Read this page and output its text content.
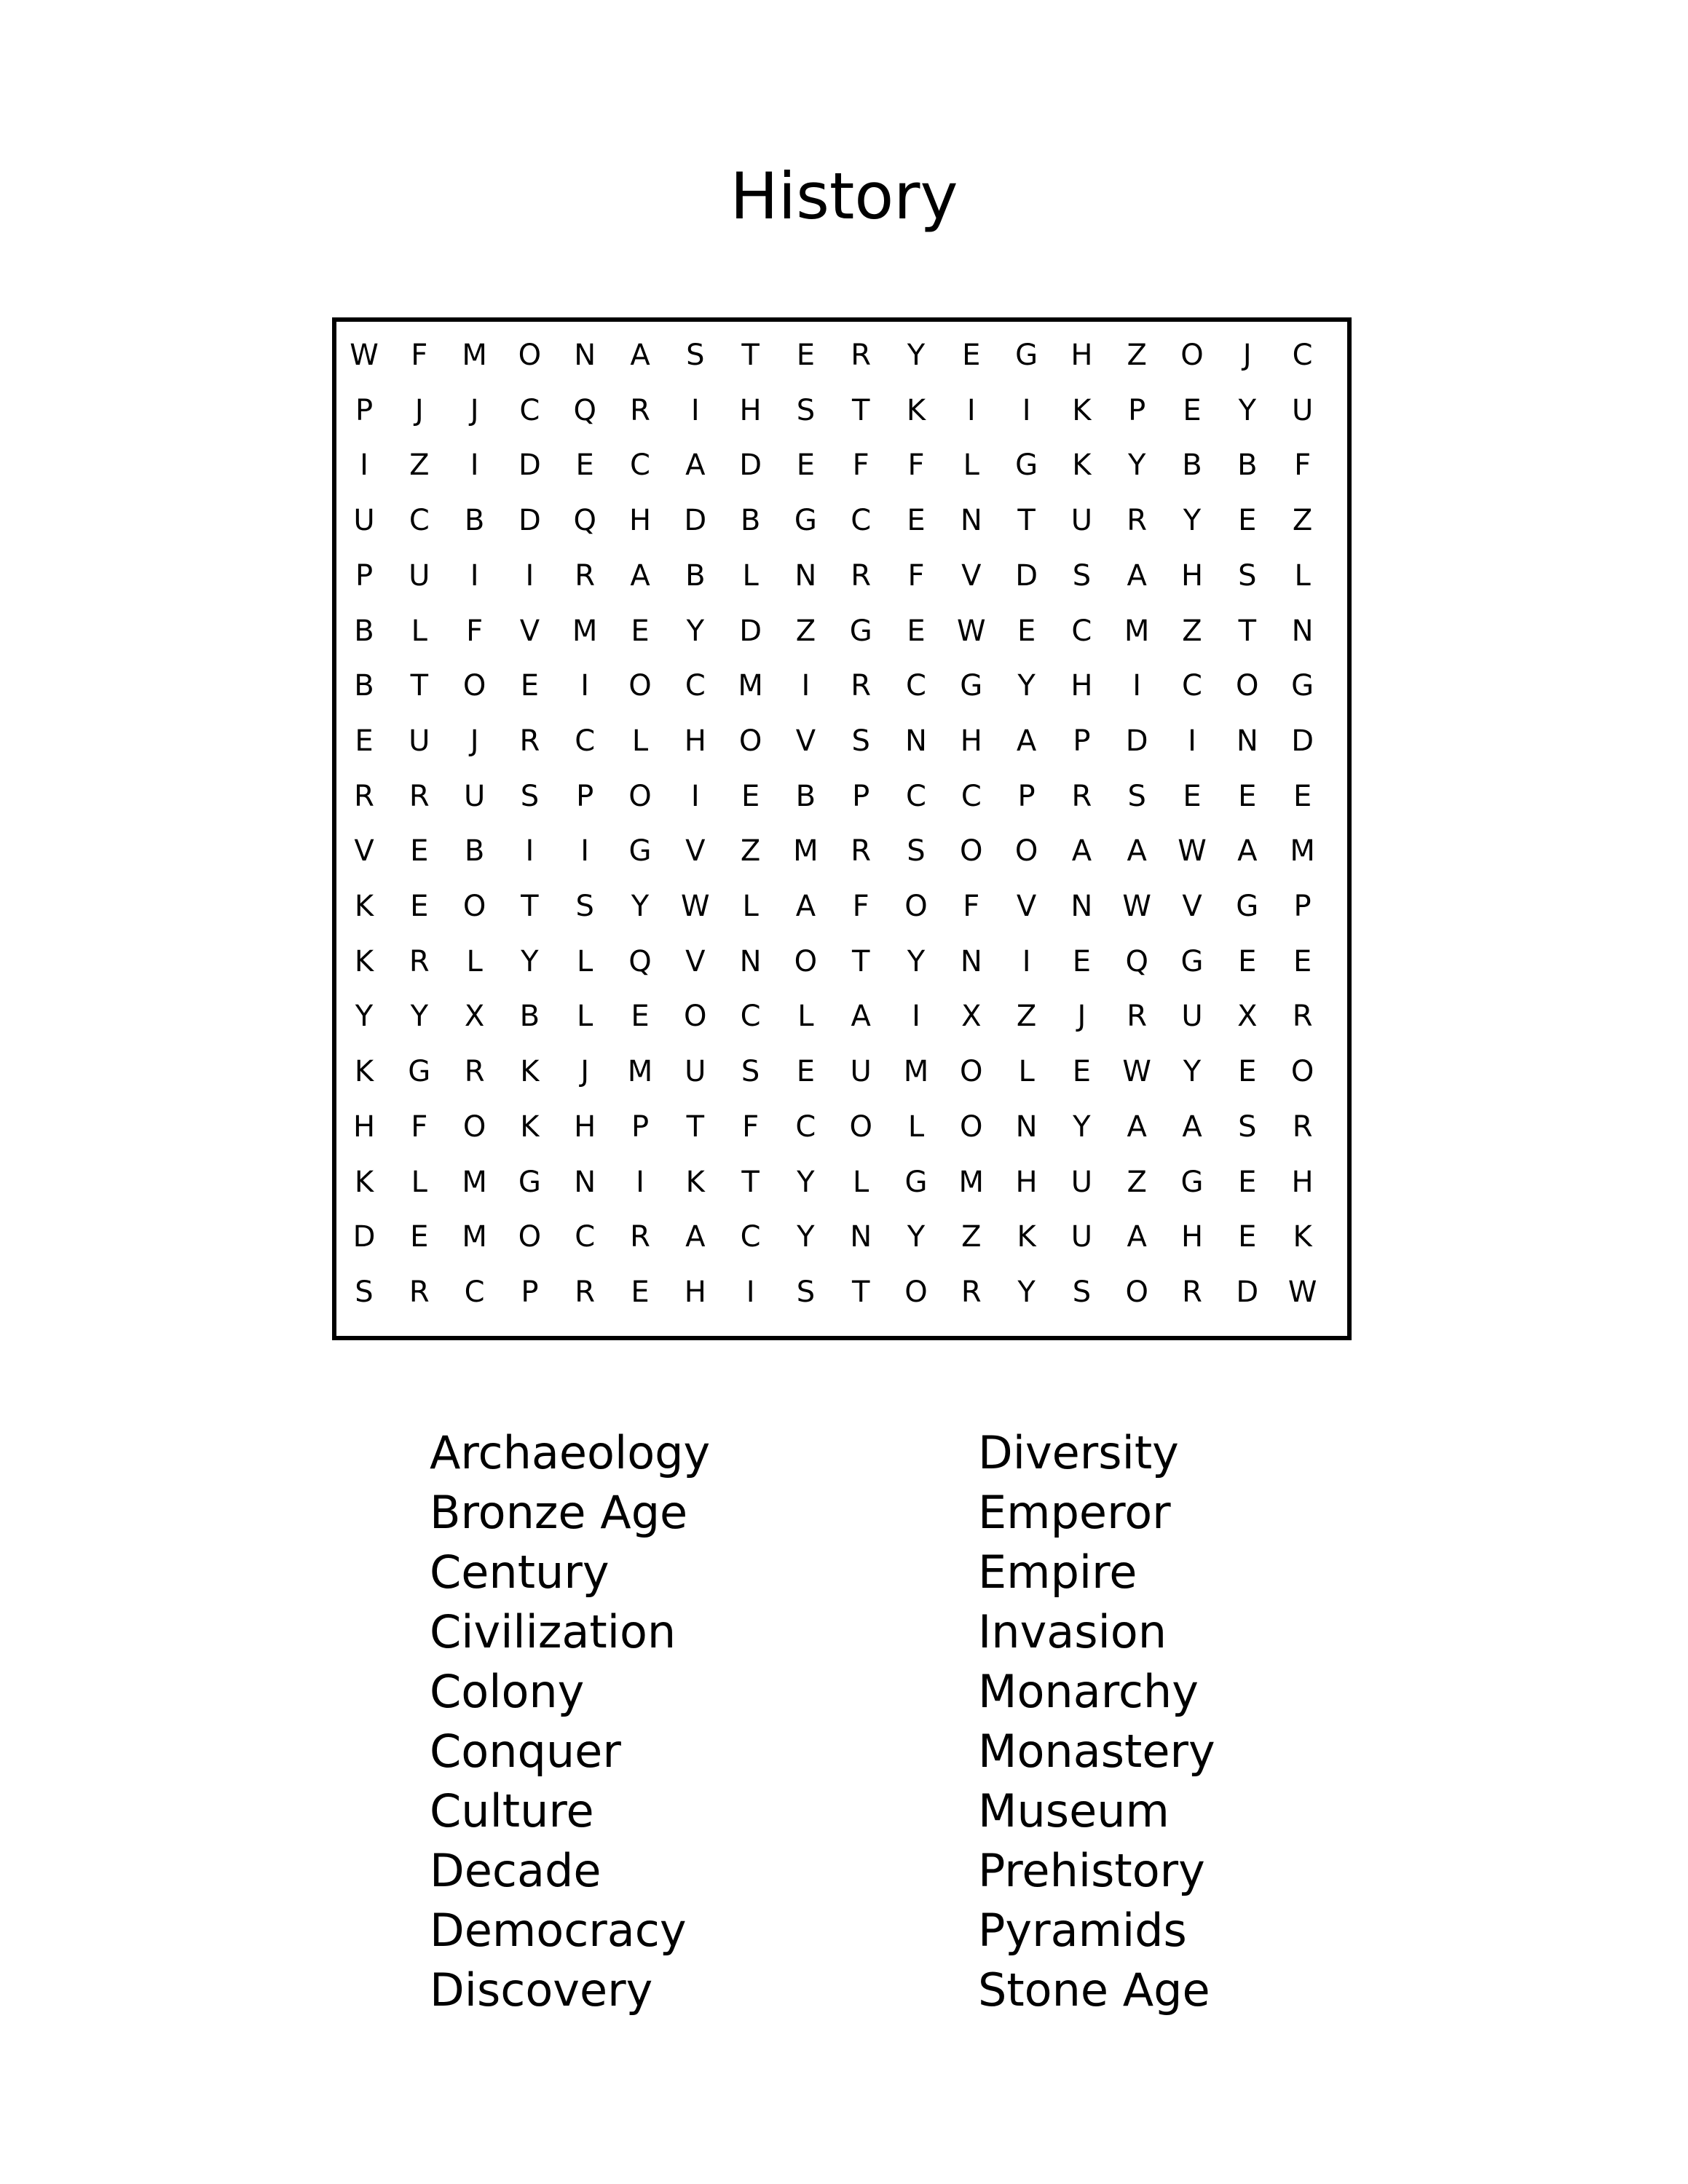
History
W	F	M	O	N	A	S	T	E	R	Y	E	G	H	Z	O	J	C
P	J	J	C	Q	R	I	H	S	T	K	I	I	K	P	E	Y	U
I	Z	I	D	E	C	A	D	E	F	F	L	G	K	Y	B	B	F
U	C	B	D	Q	H	D	B	G	C	E	N	T	U	R	Y	E	Z
P	U	I	I	R	A	B	L	N	R	F	V	D	S	A	H	S	L
B	L	F	V	M	E	Y	D	Z	G	E	W	E	C	M	Z	T	N
B	T	O	E	I	O	C	M	I	R	C	G	Y	H	I	C	O	G
E	U	J	R	C	L	H	O	V	S	N	H	A	P	D	I	N	D
R	R	U	S	P	O	I	E	B	P	C	C	P	R	S	E	E	E
V	E	B	I	I	G	V	Z	M	R	S	O	O	A	A	W	A	M
K	E	O	T	S	Y	W	L	A	F	O	F	V	N	W	V	G	P
K	R	L	Y	L	Q	V	N	O	T	Y	N	I	E	Q	G	E	E
Y	Y	X	B	L	E	O	C	L	A	I	X	Z	J	R	U	X	R
K	G	R	K	J	M	U	S	E	U	M	O	L	E	W	Y	E	O
H	F	O	K	H	P	T	F	C	O	L	O	N	Y	A	A	S	R
K	L	M	G	N	I	K	T	Y	L	G	M	H	U	Z	G	E	H
D	E	M	O	C	R	A	C	Y	N	Y	Z	K	U	A	H	E	K
S	R	C	P	R	E	H	I	S	T	O	R	Y	S	O	R	D	W
Archaeology
Bronze Age
Century
Civilization
Colony
Conquer
Culture
Decade
Democracy
Discovery
Diversity
Emperor
Empire
Invasion
Monarchy
Monastery
Museum
Prehistory
Pyramids
Stone Age
